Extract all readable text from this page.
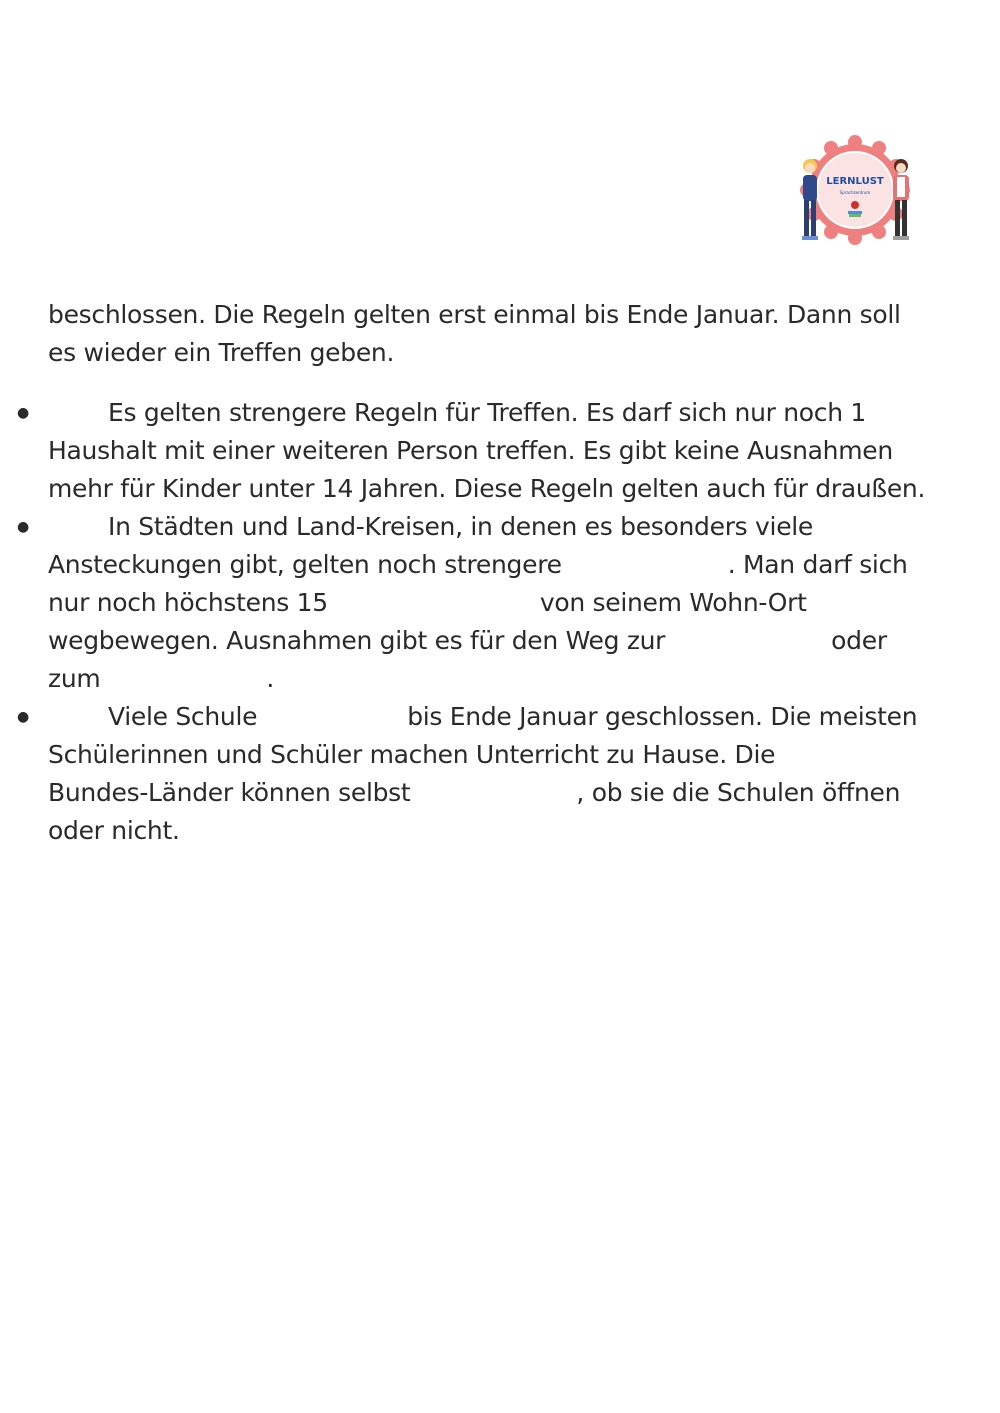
LERNLUST
Sprachzentrum

beschlossen. Die Regeln gelten erst einmal bis Ende Januar. Dann soll
es wieder ein Treffen geben.

●	Es gelten strengere Regeln für Treffen. Es darf sich nur noch 1
Haushalt mit einer weiteren Person treffen. Es gibt keine Ausnahmen
mehr für Kinder unter 14 Jahren. Diese Regeln gelten auch für draußen.
●	In Städten und Land-Kreisen, in denen es besonders viele
Ansteckungen gibt, gelten noch strengere	. Man darf sich
nur noch höchstens 15	von seinem Wohn-Ort
wegbewegen. Ausnahmen gibt es für den Weg zur	oder
zum	.
●	Viele Schule	bis Ende Januar geschlossen. Die meisten
Schülerinnen und Schüler machen Unterricht zu Hause. Die
Bundes-Länder können selbst	, ob sie die Schulen öffnen
oder nicht.
